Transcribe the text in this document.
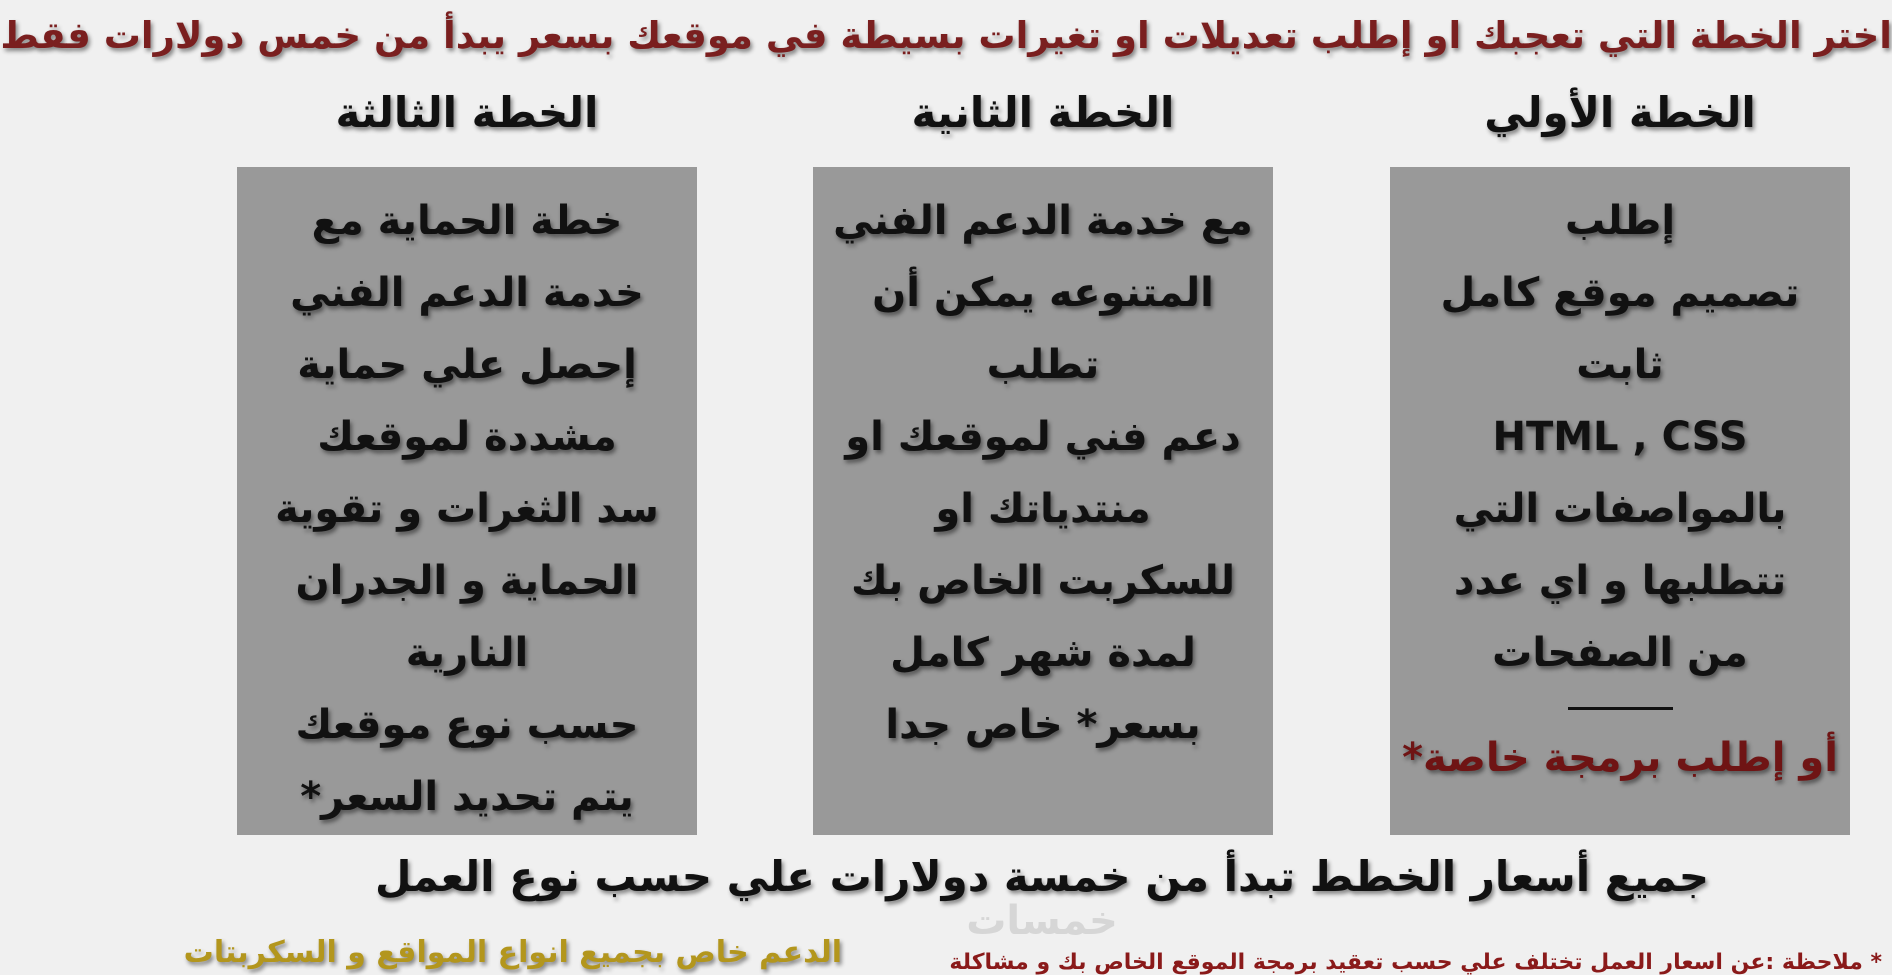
اختر الخطة التي تعجبك او إطلب تعديلات او تغيرات بسيطة في موقعك بسعر يبدأ من خمس دولارات فقط
الخطة الأولي
إطلب
تصميم موقع كامل
ثابت
HTML , CSS
بالمواصفات التي
تتطلبها و اي عدد
من الصفحات
أو إطلب برمجة خاصة*
الخطة الثانية
مع خدمة الدعم الفني
المتنوعه يمكن أن
تطلب
دعم فني لموقعك او
منتدياتك او
للسكربت الخاص بك
لمدة شهر كامل
بسعر* خاص جدا
الخطة الثالثة
خطة الحماية مع
خدمة الدعم الفني
إحصل علي حماية
مشددة لموقعك
سد الثغرات و تقوية
الحماية و الجدران
النارية
حسب نوع موقعك
يتم تحديد السعر*
جميع أسعار الخطط تبدأ من خمسة دولارات علي حسب نوع العمل
خمسات
الدعم خاص بجميع انواع المواقع و السكربتات	* ملاحظة :عن اسعار العمل تختلف علي حسب تعقيد برمجة الموقع الخاص بك و مشاكلة
